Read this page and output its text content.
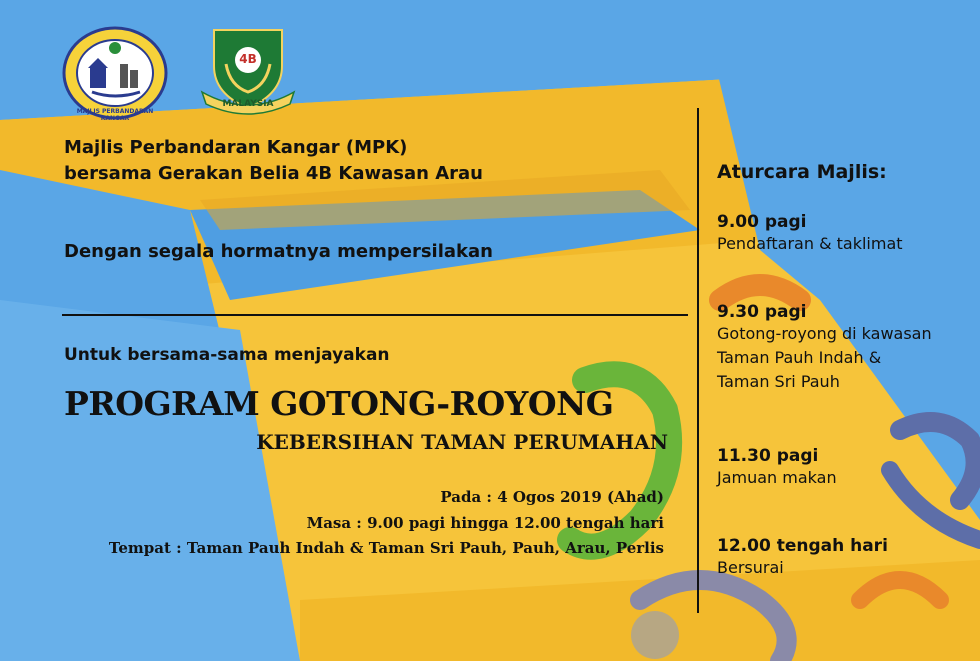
MAJLIS PERBANDARAN KANGAR
4B
MALAYSIA
Majlis Perbandaran Kangar (MPK)
bersama Gerakan Belia 4B Kawasan Arau
Dengan segala hormatnya mempersilakan
Untuk bersama-sama menjayakan
PROGRAM GOTONG-ROYONG
KEBERSIHAN TAMAN PERUMAHAN
Pada : 4 Ogos 2019 (Ahad)
Masa : 9.00 pagi hingga 12.00 tengah hari
Tempat : Taman Pauh Indah & Taman Sri Pauh, Pauh, Arau, Perlis
Aturcara Majlis:
9.00 pagi
Pendaftaran & taklimat
9.30 pagi
Gotong-royong di kawasan
Taman Pauh Indah &
Taman Sri Pauh
11.30 pagi
Jamuan makan
12.00 tengah hari
Bersurai
